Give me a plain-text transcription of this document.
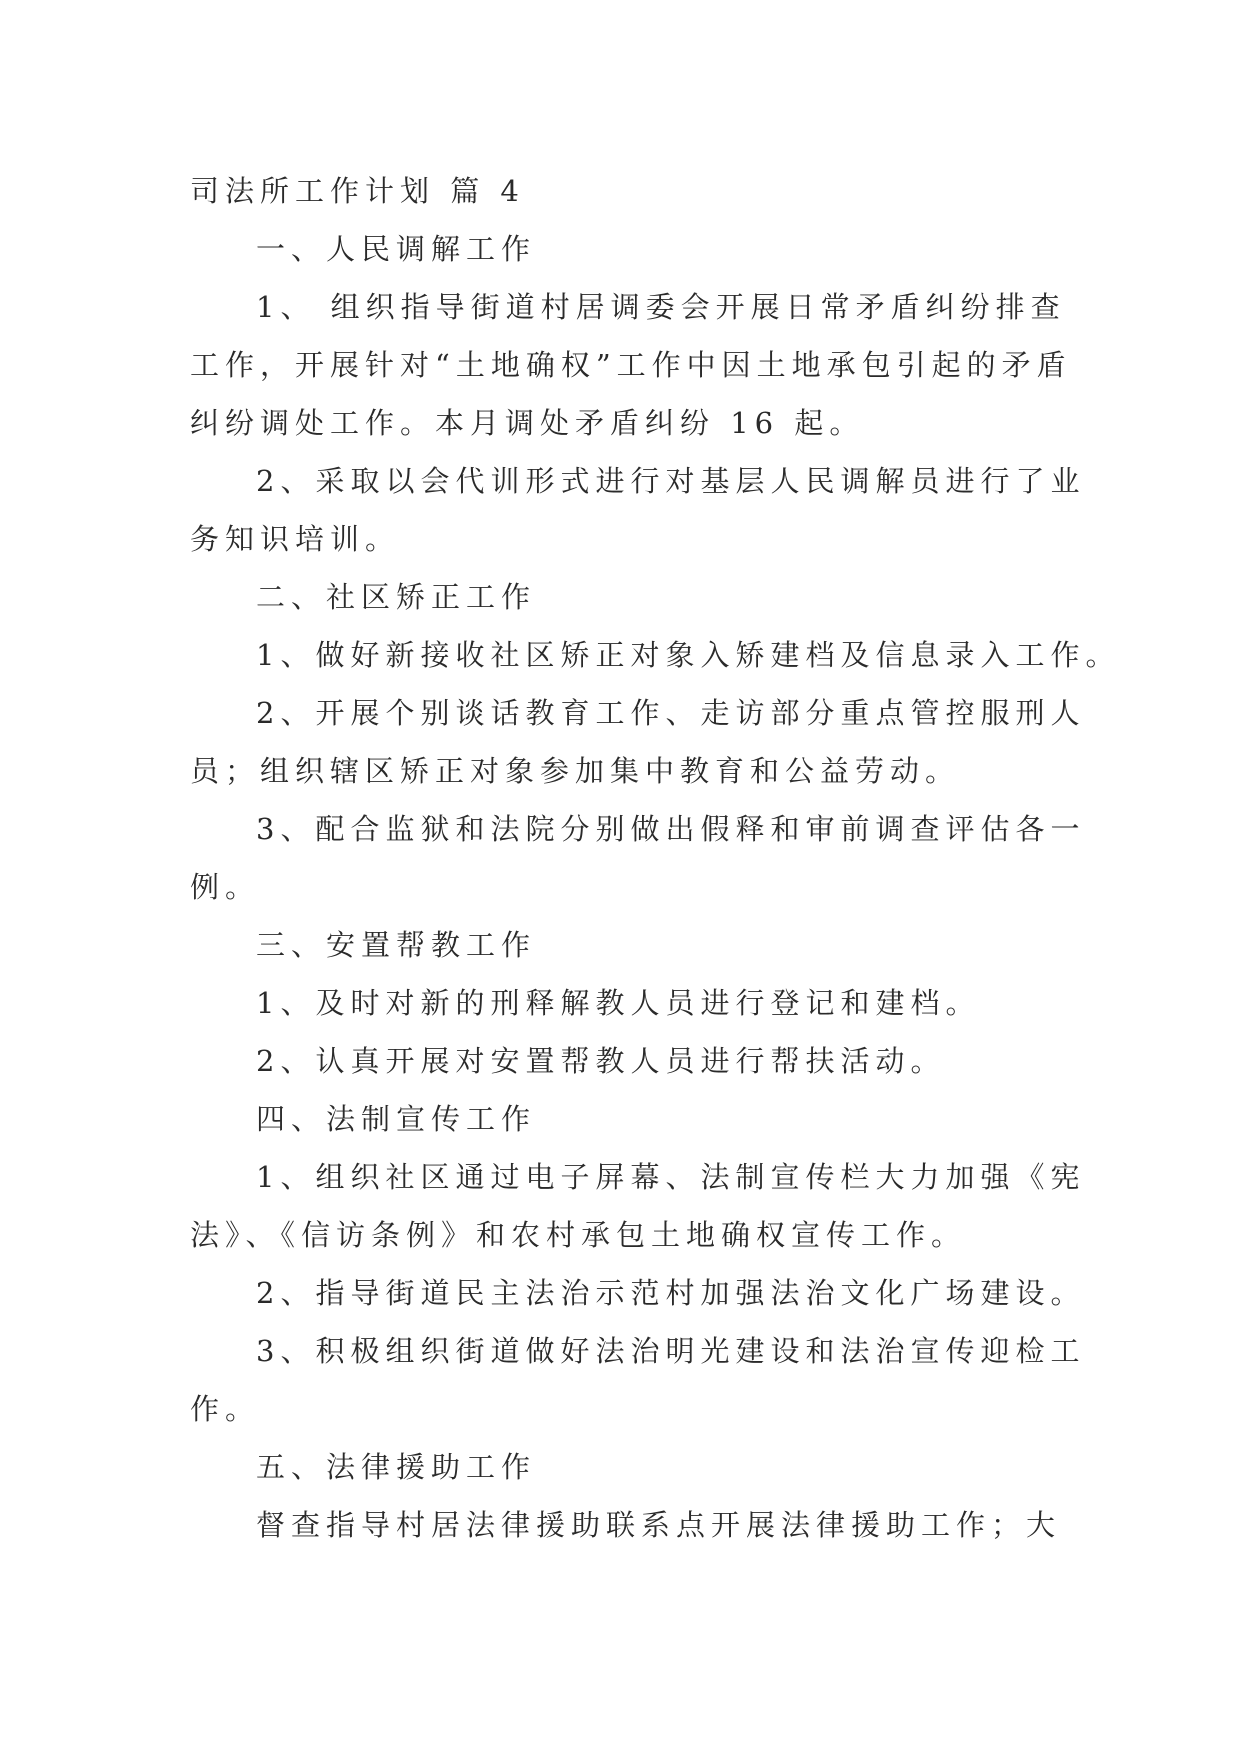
司法所工作计划 篇 4
一、人民调解工作
1、 组织指导街道村居调委会开展日常矛盾纠纷排查
工作，开展针对“土地确权”工作中因土地承包引起的矛盾
纠纷调处工作。本月调处矛盾纠纷 16 起。
2、采取以会代训形式进行对基层人民调解员进行了业
务知识培训。
二、社区矫正工作
1、做好新接收社区矫正对象入矫建档及信息录入工作。
2、开展个别谈话教育工作、走访部分重点管控服刑人
员；组织辖区矫正对象参加集中教育和公益劳动。
3、配合监狱和法院分别做出假释和审前调查评估各一
例。
三、安置帮教工作
1、及时对新的刑释解教人员进行登记和建档。
2、认真开展对安置帮教人员进行帮扶活动。
四、法制宣传工作
1、组织社区通过电子屏幕、法制宣传栏大力加强《宪
法》、《信访条例》和农村承包土地确权宣传工作。
2、指导街道民主法治示范村加强法治文化广场建设。
3、积极组织街道做好法治明光建设和法治宣传迎检工
作。
五、法律援助工作
督查指导村居法律援助联系点开展法律援助工作； 大
